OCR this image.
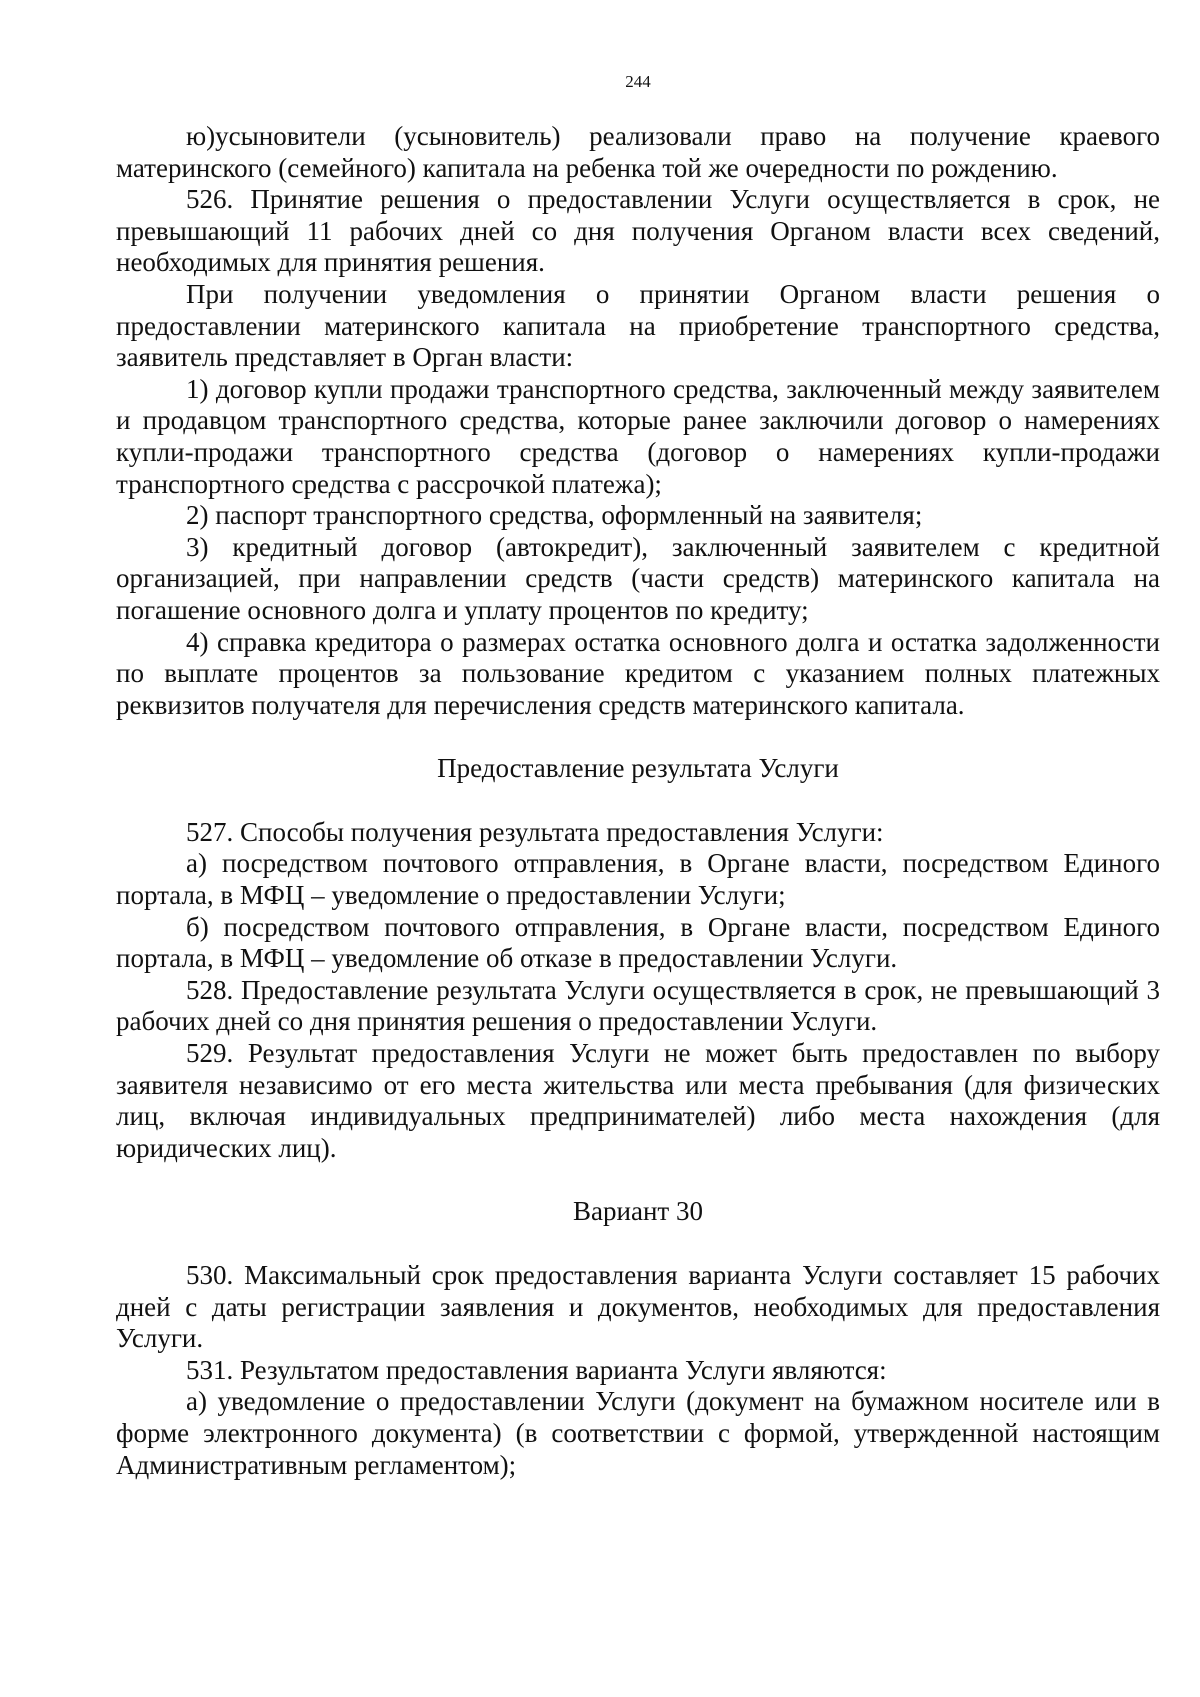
244

ю)усыновители (усыновитель) реализовали право на получение краевого материнского (семейного) капитала на ребенка той же очередности по рождению.

526. Принятие решения о предоставлении Услуги осуществляется в срок, не превышающий 11 рабочих дней со дня получения Органом власти всех сведений, необходимых для принятия решения.

При получении уведомления о принятии Органом власти решения о предоставлении материнского капитала на приобретение транспортного средства, заявитель представляет в Орган власти:

1) договор купли продажи транспортного средства, заключенный между заявителем и продавцом транспортного средства, которые ранее заключили договор о намерениях купли-продажи транспортного средства (договор о намерениях купли-продажи транспортного средства с рассрочкой платежа);

2) паспорт транспортного средства, оформленный на заявителя;

3) кредитный договор (автокредит), заключенный заявителем с кредитной организацией, при направлении средств (части средств) материнского капитала на погашение основного долга и уплату процентов по кредиту;

4) справка кредитора о размерах остатка основного долга и остатка задолженности по выплате процентов за пользование кредитом с указанием полных платежных реквизитов получателя для перечисления средств материнского капитала.

Предоставление результата Услуги

527. Способы получения результата предоставления Услуги:

а) посредством почтового отправления, в Органе власти, посредством Единого портала, в МФЦ – уведомление о предоставлении Услуги;

б) посредством почтового отправления, в Органе власти, посредством Единого портала, в МФЦ – уведомление об отказе в предоставлении Услуги.

528. Предоставление результата Услуги осуществляется в срок, не превышающий 3 рабочих дней со дня принятия решения о предоставлении Услуги.

529. Результат предоставления Услуги не может быть предоставлен по выбору заявителя независимо от его места жительства или места пребывания (для физических лиц, включая индивидуальных предпринимателей) либо места нахождения (для юридических лиц).

Вариант 30

530. Максимальный срок предоставления варианта Услуги составляет 15 рабочих дней с даты регистрации заявления и документов, необходимых для предоставления Услуги.

531. Результатом предоставления варианта Услуги являются:

а) уведомление о предоставлении Услуги (документ на бумажном носителе или в форме электронного документа) (в соответствии с формой, утвержденной настоящим Административным регламентом);
